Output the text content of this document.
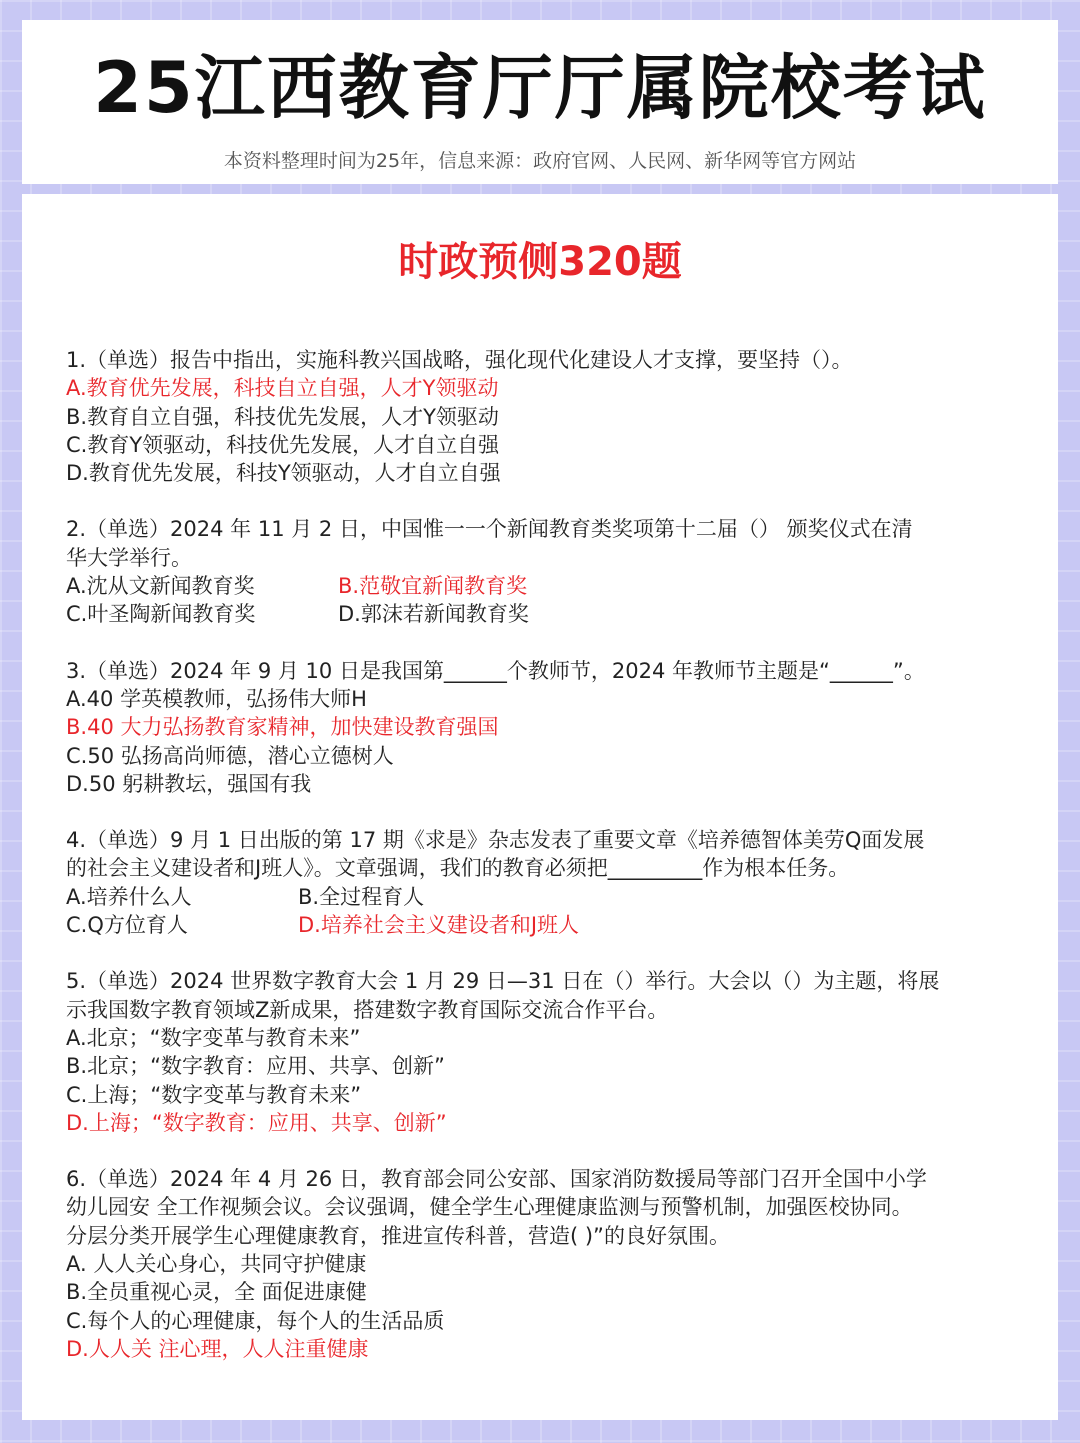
25江西教育厅厅属院校考试
本资料整理时间为25年，信息来源：政府官网、人民网、新华网等官方网站
时政预侧320题

1.（单选）报告中指出，实施科教兴国战略，强化现代化建设人才支撑，要坚持（）。

A.教育优先发展，科技自立自强，人才Y领驱动

B.教育自立自强，科技优先发展，人才Y领驱动

C.教育Y领驱动，科技优先发展，人才自立自强

D.教育优先发展，科技Y领驱动，人才自立自强

2.（单选）2024 年 11 月 2 日，中国惟一一个新闻教育类奖项第十二届（） 颁奖仪式在清

华大学举行。

A.沈从文新闻教育奖	B.范敬宜新闻教育奖
C.叶圣陶新闻教育奖	D.郭沫若新闻教育奖

3.（单选）2024 年 9 月 10 日是我国第______个教师节，2024 年教师节主题是“______”。

A.40 学英模教师，弘扬伟大师H

B.40 大力弘扬教育家精神，加快建设教育强国

C.50 弘扬高尚师德，潜心立德树人

D.50 躬耕教坛，强国有我

4.（单选）9 月 1 日出版的第 17 期《求是》杂志发表了重要文章《培养德智体美劳Q面发展

的社会主义建设者和J班人》。文章强调，我们的教育必须把_________作为根本任务。

A.培养什么人	B.全过程育人
C.Q方位育人	D.培养社会主义建设者和J班人

5.（单选）2024 世界数字教育大会 1 月 29 日—31 日在（）举行。大会以（）为主题，将展

示我国数字教育领域Z新成果，搭建数字教育国际交流合作平台。

A.北京；“数字变革与教育未来”

B.北京；“数字教育：应用、共享、创新”

C.上海；“数字变革与教育未来”

D.上海；“数字教育：应用、共享、创新”

6.（单选）2024 年 4 月 26 日，教育部会同公安部、国家消防数援局等部门召开全国中小学

幼儿园安 全工作视频会议。会议强调，健全学生心理健康监测与预警机制，加强医校协同。

分层分类开展学生心理健康教育，推进宣传科普，营造( )”的良好氛围。

A. 人人关心身心，共同守护健康

B.全员重视心灵，全 面促进康健

C.每个人的心理健康，每个人的生活品质

D.人人关 注心理，人人注重健康
